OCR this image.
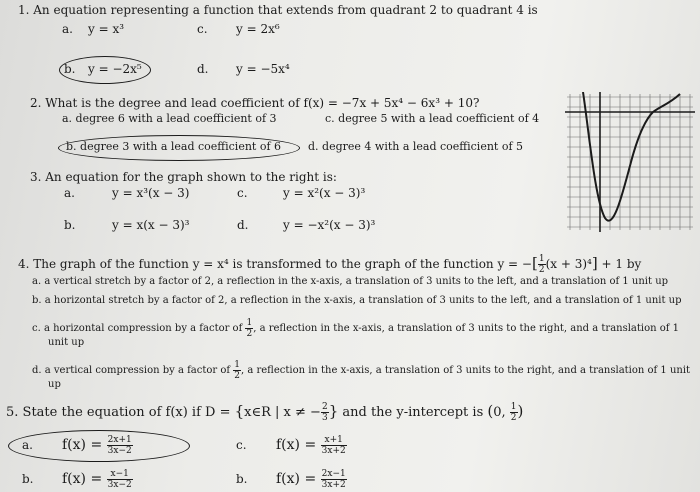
1. An equation representing a function that extends from quadrant 2 to quadrant 4 is
a. y = x³	c. y = 2x⁶
b. y = −2x⁵	d. y = −5x⁴
2. What is the degree and lead coefficient of f(x) = −7x + 5x⁴ − 6x³ + 10?
a. degree 6 with a lead coefficient of 3	c. degree 5 with a lead coefficient of 4
b. degree 3 with a lead coefficient of 6 d. degree 4 with a lead coefficient of 5
3. An equation for the graph shown to the right is:
a.	y = x³(x − 3)	c.	y = x²(x − 3)³
b.	y = x(x − 3)³	d.	y = −x²(x − 3)³
4. The graph of the function y = x⁴ is transformed to the graph of the function y = −[ $\frac{1}{2} (x + 3)^4] + 1$ by
a. a vertical stretch by a factor of 2, a reflection in the x-axis, a translation of 3 units to the left, and a translation of 1 unit up
b. a horizontal stretch by a factor of 2, a reflection in the x-axis, a translation of 3 units to the left, and a translation of 1 unit up
c. a horizontal compression by a factor of $\frac{1}{2}$ , a reflection in the x-axis, a translation of 3 units to the right, and a translation of 1
unit up
d. a vertical compression by a factor of $\frac{1}{2}$ , a reflection in the x-axis, a translation of 3 units to the right, and a translation of 1 unit
up
5. State the equation of f(x) if D = {x∈R | x ≠ − $\frac{2}{3}$ } and the y-intercept is (0, $\frac{1}{2}$ )
a. $f(x) = \frac{2x+1}{3x-2}$	c. $f(x) = \frac{x+1}{3x+2}$
b. $f(x) = \frac{x-1}{3x-2}$	b. $f(x) = \frac{2x-1}{3x+2}$
